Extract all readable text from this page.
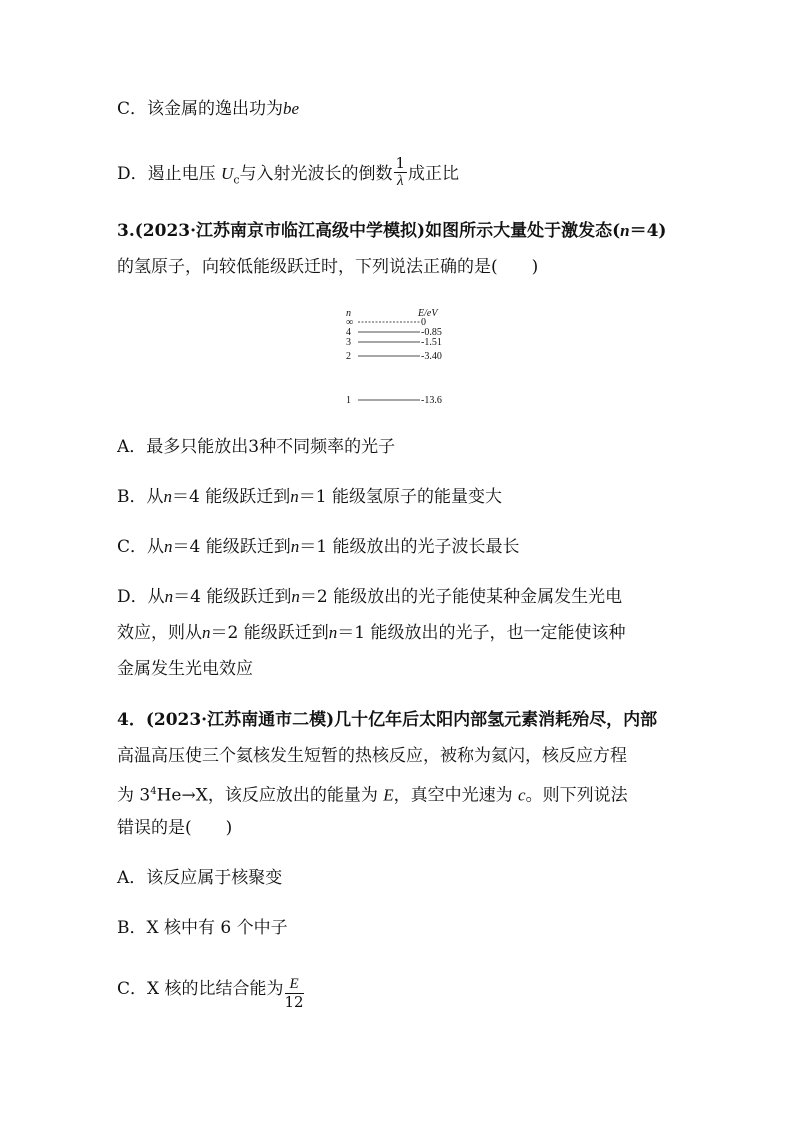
C．该金属的逸出功为be
D．遏止电压 $U_c$与入射光波长的倒数 $\frac{1}{\lambda}$ 成正比
3.(2023·江苏南京市临江高级中学模拟)如图所示大量处于激发态(n＝4)
的氢原子，向较低能级跃迁时，下列说法正确的是(　　)
n	E/eV
∞	0
4	-0.85
3	-1.51
2	-3.40
1	-13.6
A．最多只能放出3种不同频率的光子
B．从n＝4 能级跃迁到n＝1 能级氢原子的能量变大
C．从n＝4 能级跃迁到n＝1 能级放出的光子波长最长
D．从n＝4 能级跃迁到n＝2 能级放出的光子能使某种金属发生光电
效应，则从n＝2 能级跃迁到n＝1 能级放出的光子，也一定能使该种
金属发生光电效应
4．(2023·江苏南通市二模)几十亿年后太阳内部氢元素消耗殆尽，内部
高温高压使三个氦核发生短暂的热核反应，被称为氦闪，核反应方程
为 $3^4He\to X$，该反应放出的能量为 E，真空中光速为 c。则下列说法
错误的是(　　)
A．该反应属于核聚变
B．X 核中有 6 个中子
C．X 核的比结合能为 $\frac{E}{12}$
